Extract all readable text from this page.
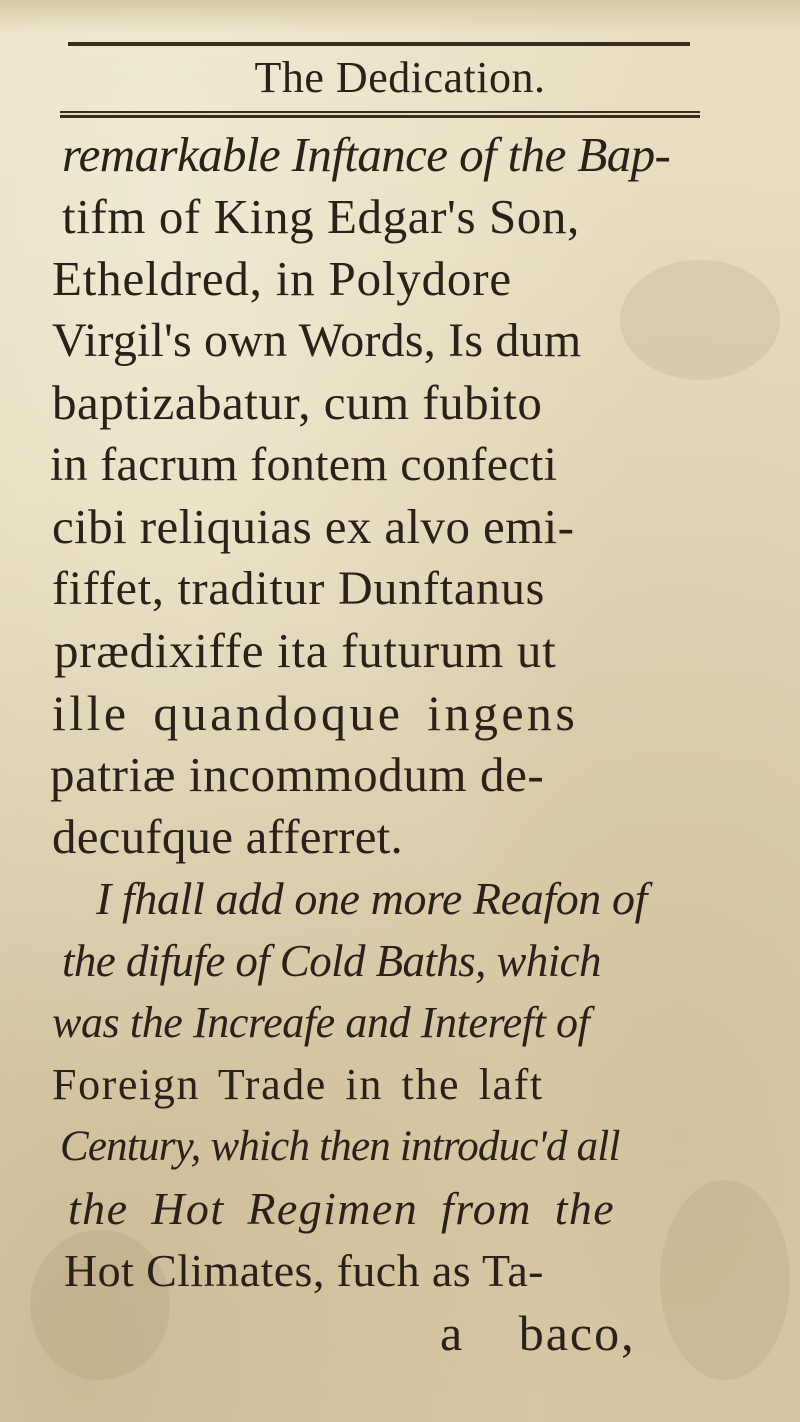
The Dedication.
remarkable Inftance of the Bap-
tifm of King Edgar's Son,
Etheldred, in Polydore
Virgil's own Words, Is dum
baptizabatur, cum fubito
in facrum fontem confecti
cibi reliquias ex alvo emi-
fiffet, traditur Dunftanus
prædixiffe ita futurum ut
ille quandoque ingens
patriæ incommodum de-
decufque afferret.
I fhall add one more Reafon of
the difufe of Cold Baths, which
was the Increafe and Intereft of
Foreign Trade in the laft
Century, which then introduc'd all
the Hot Regimen from the
Hot Climates, fuch as Ta-
a baco,
